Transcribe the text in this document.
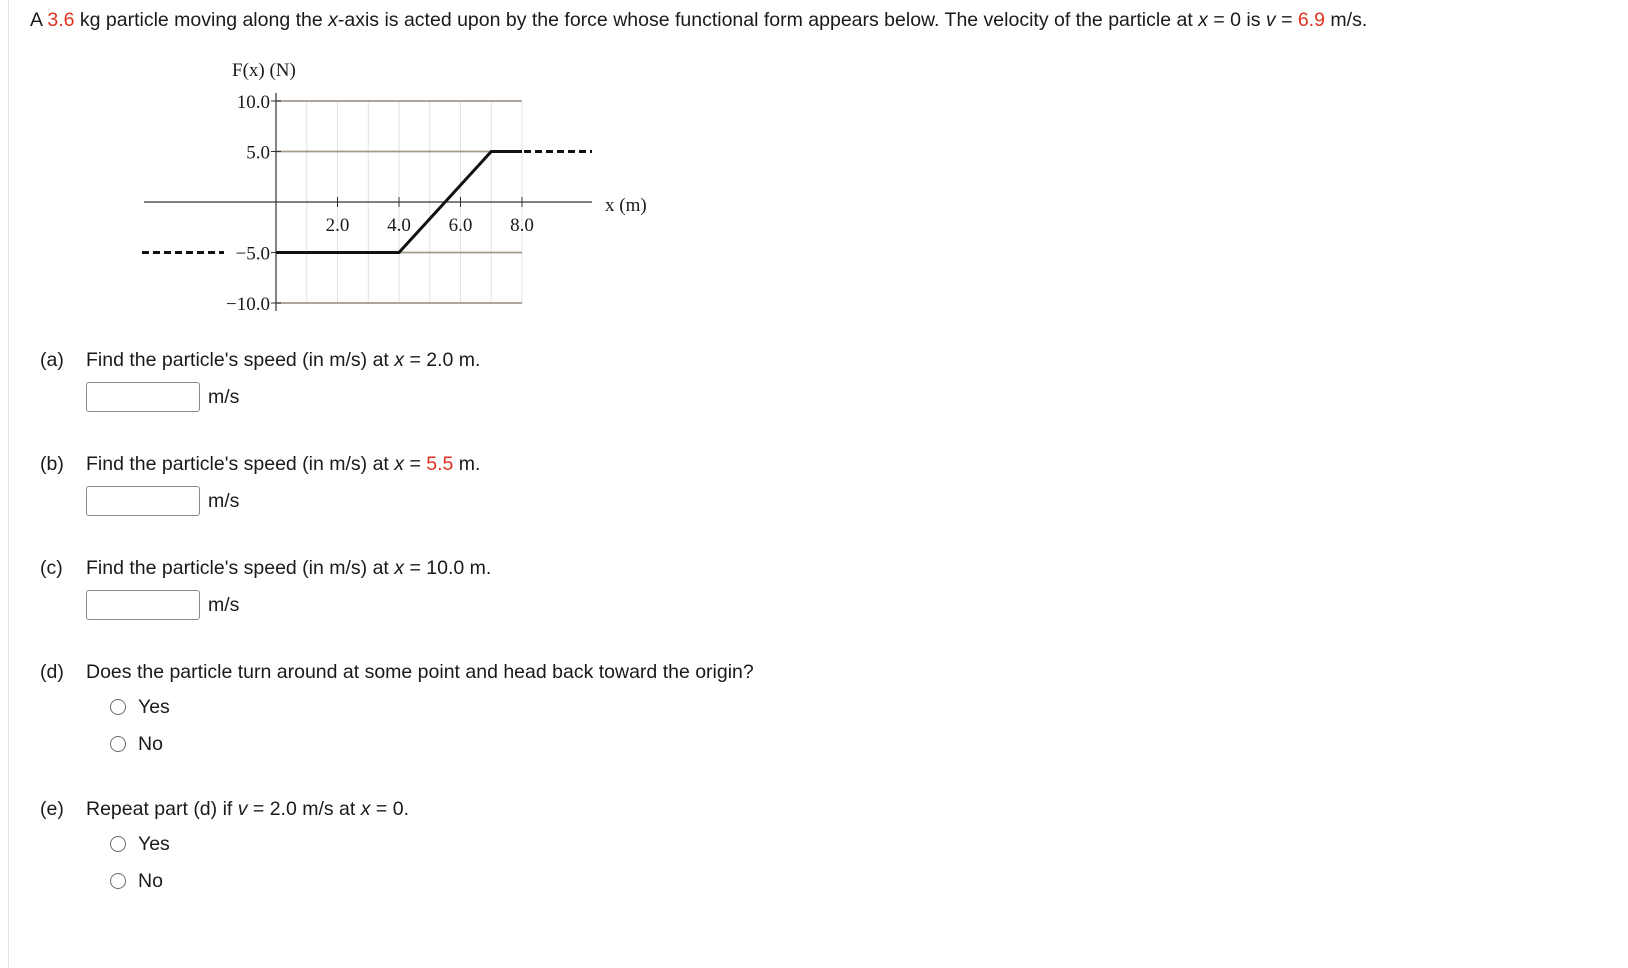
A 3.6 kg particle moving along the x-axis is acted upon by the force whose functional form appears below. The velocity of the particle at x = 0 is v = 6.9 m/s.
F(x) (N)
x (m)
10.0
5.0
−5.0
−10.0
2.0 4.0 6.0 8.0
(a) Find the particle's speed (in m/s) at x = 2.0 m.
m/s
(b) Find the particle's speed (in m/s) at x = 5.5 m.
m/s
(c) Find the particle's speed (in m/s) at x = 10.0 m.
m/s
(d) Does the particle turn around at some point and head back toward the origin?
Yes
No
(e) Repeat part (d) if v = 2.0 m/s at x = 0.
Yes
No
